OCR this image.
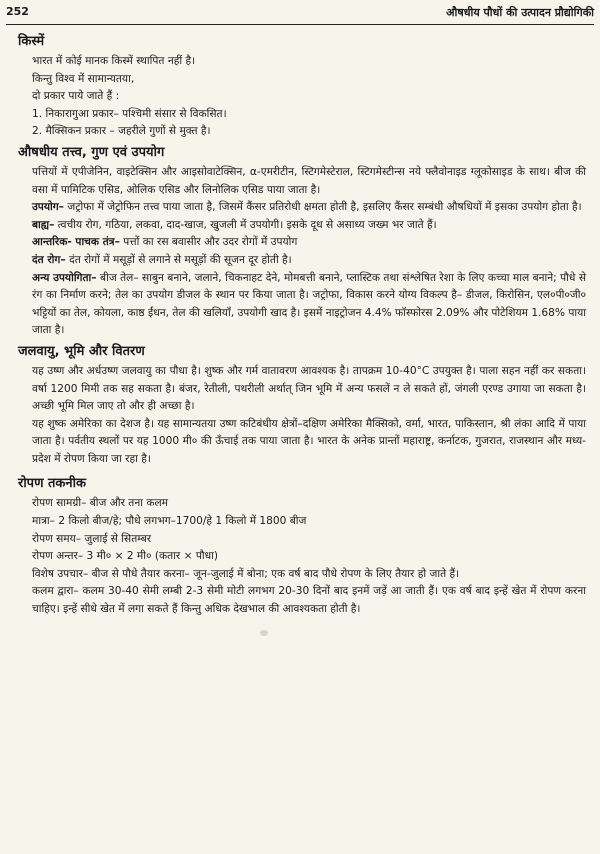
252	औषधीय पौधों की उत्पादन प्रौद्योगिकी
किस्में

भारत में कोई मानक किस्में स्थापित नहीं है।

किन्तु विश्व में सामान्यतया,

दो प्रकार पाये जाते हैं :

1. निकारागुआ प्रकार– पश्चिमी संसार से विकसित।

2. मैक्सिकन प्रकार – जहरीले गुणों से मुक्त है।

औषधीय तत्त्व, गुण एवं उपयोग

पत्तियों में एपीजेनिन, वाइटेक्सिन और आइसोवाटेक्सिन, α-एमरीटीन, स्टिगमेस्टेराल, स्टिगमेस्टीन्स नये फ्लैवोनाइड ग्लूकोसाइड के साथ। बीज की वसा में पामिटिक एसिड, ओलिक एसिड और लिनोलिक एसिड पाया जाता है।

उपयोग– जट्रोफा में जेट्रोफिन तत्त्व पाया जाता है, जिसमें कैंसर प्रतिरोधी क्षमता होती है, इसलिए कैंसर सम्बंधी औषधियों में इसका उपयोग होता है।

बाह्य– त्वचीय रोग, गठिया, लकवा, दाद-खाज, खुजली में उपयोगी। इसके दूध से असाध्य जख्म भर जाते हैं।

आन्तरिक- पाचक तंत्र– पत्तों का रस बवासीर और उदर रोगों में उपयोग

दंत रोग– दंत रोगों में मसूड़ों से लगाने से मसूड़ों की सूजन दूर होती है।

अन्य उपयोगिता– बीज तेल– साबुन बनाने, जलाने, चिकनाहट देने, मोमबत्ती बनाने, प्लास्टिक तथा संश्लेषित रेशा के लिए कच्चा माल बनाने; पौधे से रंग का निर्माण करने; तेल का उपयोग डीजल के स्थान पर किया जाता है। जट्रोफा, विकास करने योग्य विकल्प है– डीजल, किरोसिन, एल०पी०जी० भट्टियों का तेल, कोयला, काष्ठ ईंधन, तेल की खलियाँ, उपयोगी खाद है। इसमें नाइट्रोजन 4.4% फॉस्फोरस 2.09% और पोटेशियम 1.68% पाया जाता है।

जलवायु, भूमि और वितरण

यह उष्ण और अर्धउष्ण जलवायु का पौधा है। शुष्क और गर्म वातावरण आवश्यक है। तापक्रम 10-40°C उपयुक्त है। पाला सहन नहीं कर सकता। वर्षा 1200 मिमी तक सह सकता है। बंजर, रेतीली, पथरीली अर्थात् जिन भूमि में अन्य फसलें न ले सकते हों, जंगली एरण्ड उगाया जा सकता है। अच्छी भूमि मिल जाए तो और ही अच्छा है।

यह शुष्क अमेरिका का देशज है। यह सामान्यतया उष्ण कटिबंधीय क्षेत्रों–दक्षिण अमेरिका मैक्सिको, वर्मा, भारत, पाकिस्तान, श्री लंका आदि में पाया जाता है। पर्वतीय स्थलों पर यह 1000 मी० की ऊँचाई तक पाया जाता है। भारत के अनेक प्रान्तों महाराष्ट्र, कर्नाटक, गुजरात, राजस्थान और मध्य-प्रदेश में रोपण किया जा रहा है।

रोपण तकनीक

रोपण सामग्री– बीज और तना कलम

मात्रा– 2 किलो बीज/हे; पौधे लगभग–1700/हे 1 किलो में 1800 बीज

रोपण समय– जुलाई से सितम्बर

रोपण अन्तर– 3 मी० × 2 मी० (कतार × पौधा)

विशेष उपचार– बीज से पौधे तैयार करना– जून-जुलाई में बोना; एक वर्ष बाद पौधे रोपण के लिए तैयार हो जाते हैं।

कलम द्वारा– कलम 30-40 सेमी लम्बी 2-3 सेमी मोटी लगभग 20-30 दिनों बाद इनमें जड़ें आ जाती हैं। एक वर्ष बाद इन्हें खेत में रोपण करना चाहिए। इन्हें सीधे खेत में लगा सकते हैं किन्तु अधिक देखभाल की आवश्यकता होती है।
